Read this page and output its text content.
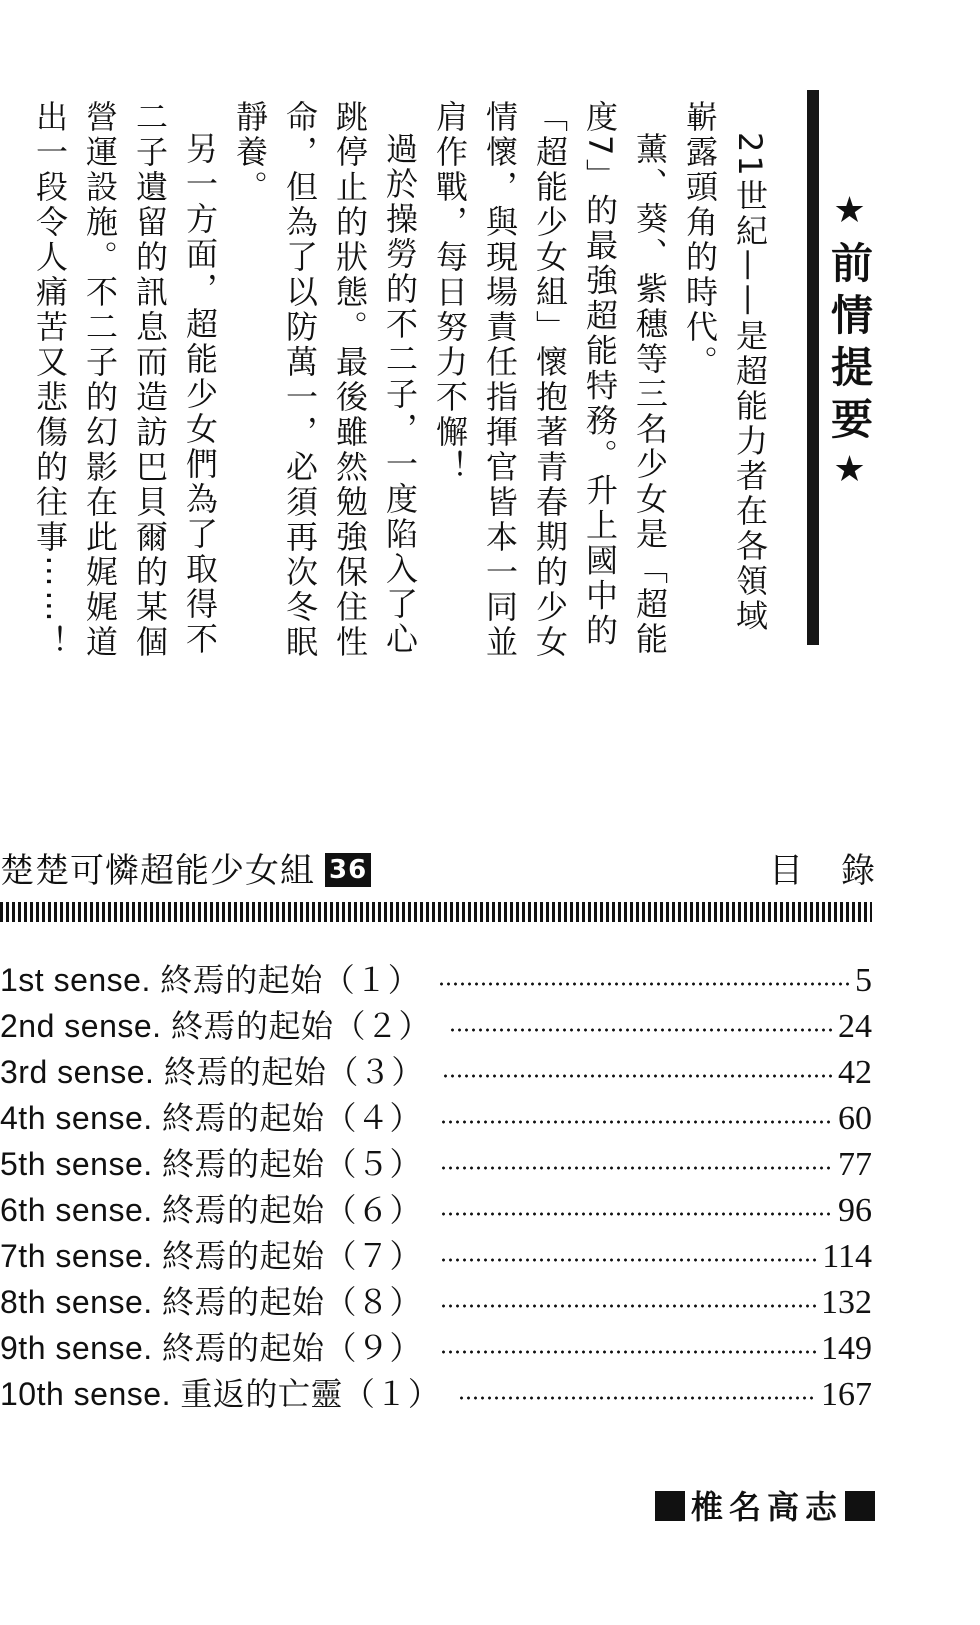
★前情提要★

21世紀——是超能力者在各領域嶄露頭角的時代。

薰、葵、紫穗等三名少女是「超能度7」的最強超能特務。升上國中的「超能少女組」懷抱著青春期的少女情懷，與現場責任指揮官皆本一同並肩作戰，每日努力不懈！

過於操勞的不二子，一度陷入了心跳停止的狀態。最後雖然勉強保住性命，但為了以防萬一，必須再次冬眠靜養。

另一方面，超能少女們為了取得不二子遺留的訊息而造訪巴貝爾的某個營運設施。不二子的幻影在此娓娓道出一段令人痛苦又悲傷的往事⋯⋯！

楚楚可憐超能少女組 36	目錄
1st sense. 終焉的起始（１）	5
2nd sense. 終焉的起始（２）	24
3rd sense. 終焉的起始（３）	42
4th sense. 終焉的起始（４）	60
5th sense. 終焉的起始（５）	77
6th sense. 終焉的起始（６）	96
7th sense. 終焉的起始（７）	114
8th sense. 終焉的起始（８）	132
9th sense. 終焉的起始（９）	149
10th sense. 重返的亡靈（１）	167
椎名高志
